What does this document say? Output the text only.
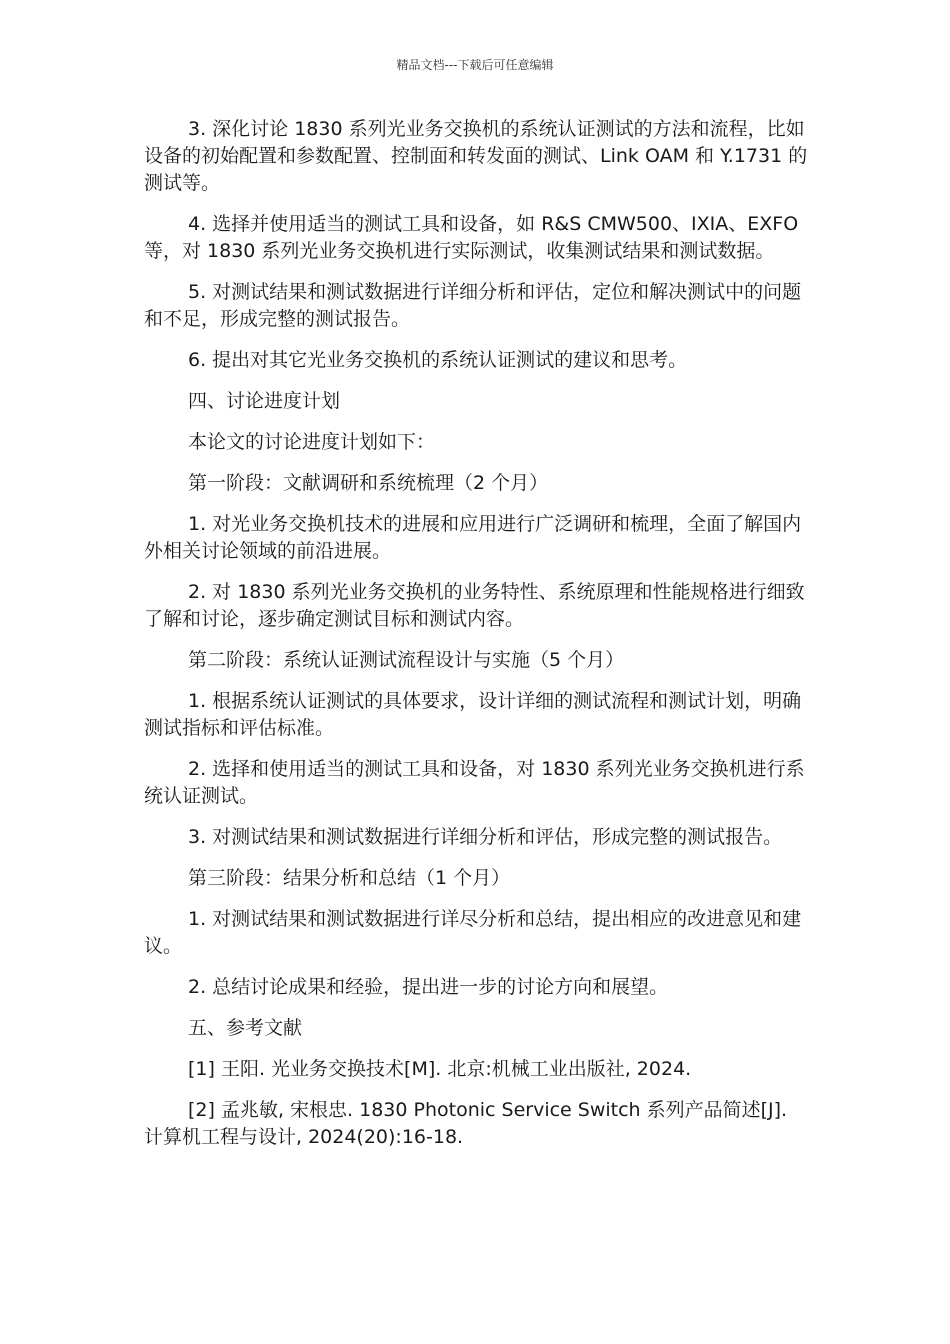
精品文档---下载后可任意编辑

3. 深化讨论 1830 系列光业务交换机的系统认证测试的方法和流程，比如设备的初始配置和参数配置、控制面和转发面的测试、Link OAM 和 Y.1731 的测试等。

4. 选择并使用适当的测试工具和设备，如 R&S CMW500、IXIA、EXFO 等，对 1830 系列光业务交换机进行实际测试，收集测试结果和测试数据。

5. 对测试结果和测试数据进行详细分析和评估，定位和解决测试中的问题和不足，形成完整的测试报告。

6. 提出对其它光业务交换机的系统认证测试的建议和思考。

四、讨论进度计划

本论文的讨论进度计划如下：

第一阶段：文献调研和系统梳理（2 个月）

1. 对光业务交换机技术的进展和应用进行广泛调研和梳理，全面了解国内外相关讨论领域的前沿进展。

2. 对 1830 系列光业务交换机的业务特性、系统原理和性能规格进行细致了解和讨论，逐步确定测试目标和测试内容。

第二阶段：系统认证测试流程设计与实施（5 个月）

1. 根据系统认证测试的具体要求，设计详细的测试流程和测试计划，明确测试指标和评估标准。

2. 选择和使用适当的测试工具和设备，对 1830 系列光业务交换机进行系统认证测试。

3. 对测试结果和测试数据进行详细分析和评估，形成完整的测试报告。

第三阶段：结果分析和总结（1 个月）

1. 对测试结果和测试数据进行详尽分析和总结，提出相应的改进意见和建议。

2. 总结讨论成果和经验，提出进一步的讨论方向和展望。

五、参考文献

[1] 王阳. 光业务交换技术[M]. 北京:机械工业出版社, 2024.

[2] 孟兆敏, 宋根忠. 1830 Photonic Service Switch 系列产品简述[J]. 计算机工程与设计, 2024(20):16-18.
